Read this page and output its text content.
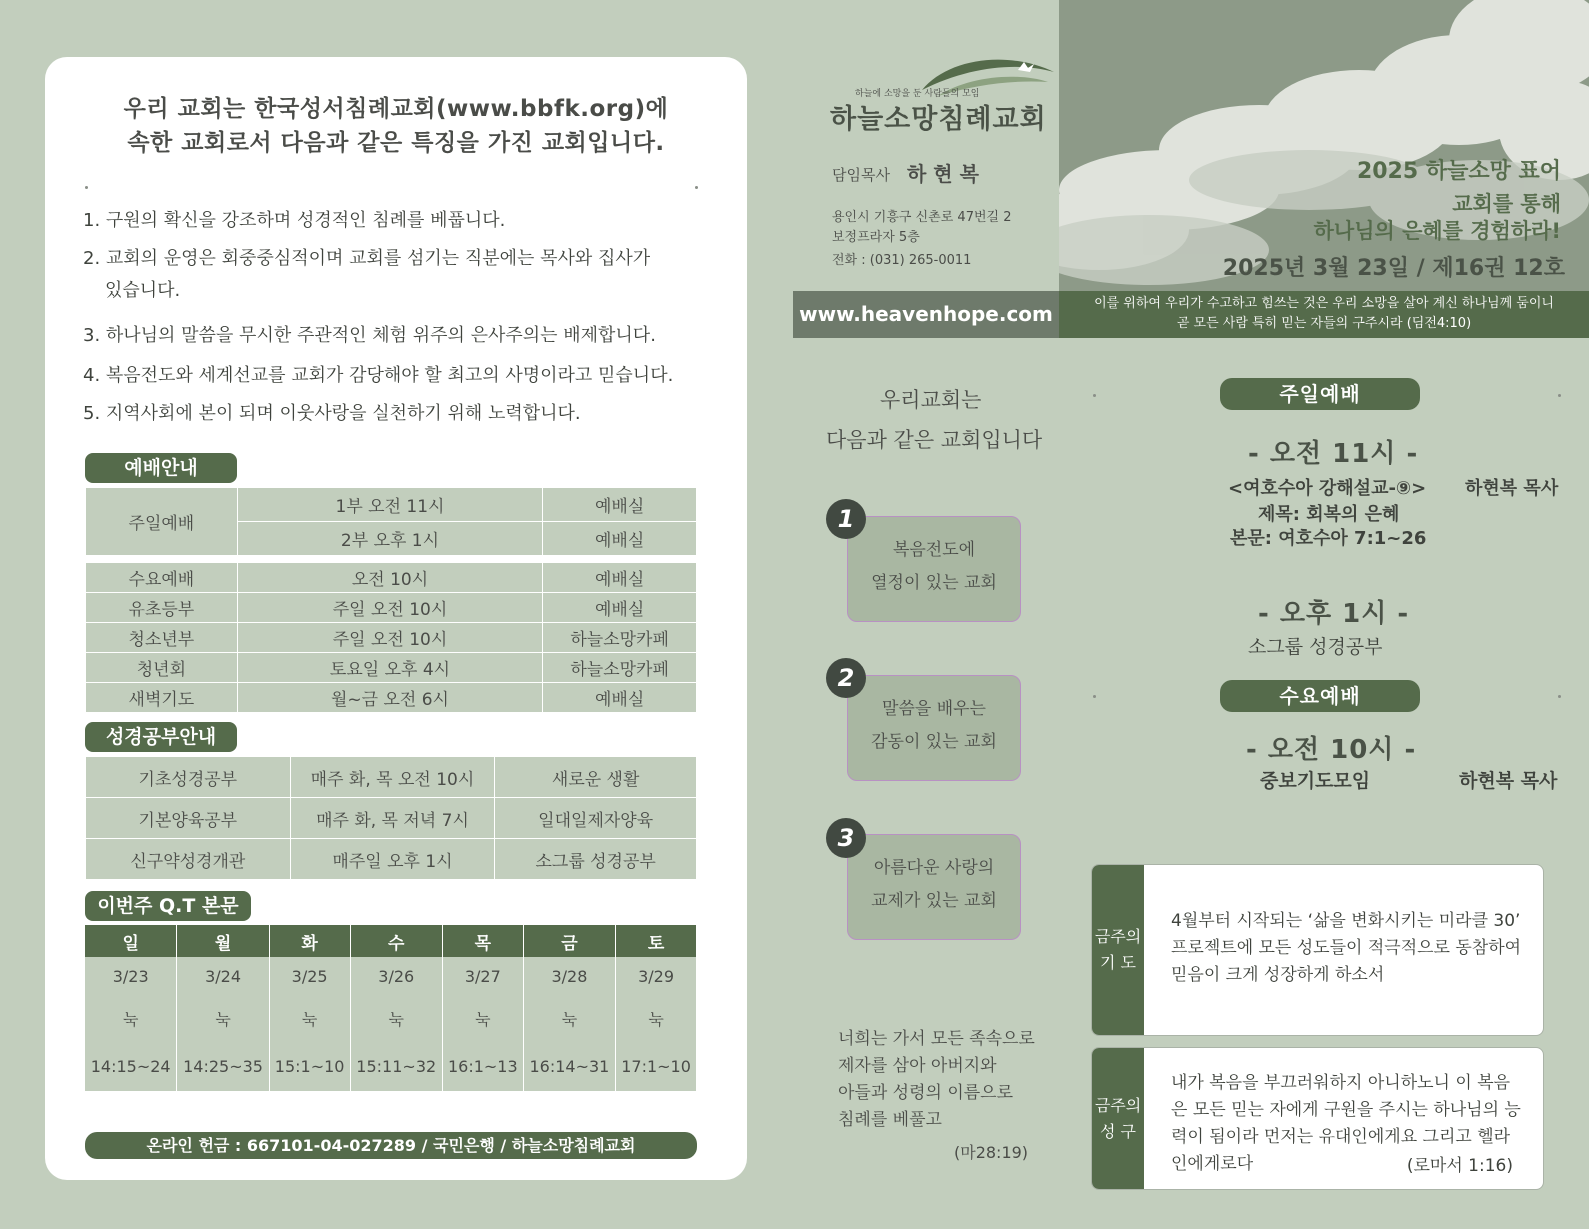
우리 교회는 한국성서침례교회(www.bbfk.org)에
속한 교회로서 다음과 같은 특징을 가진 교회입니다.
1. 구원의 확신을 강조하며 성경적인 침례를 베풉니다.
2. 교회의 운영은 회중중심적이며 교회를 섬기는 직분에는 목사와 집사가
있습니다.
3. 하나님의 말씀을 무시한 주관적인 체험 위주의 은사주의는 배제합니다.
4. 복음전도와 세계선교를 교회가 감당해야 할 최고의 사명이라고 믿습니다.
5. 지역사회에 본이 되며 이웃사랑을 실천하기 위해 노력합니다.
예배안내
주일예배	1부 오전 11시	예배실
	2부 오후 1시	예배실
수요예배	오전 10시	예배실
유초등부	주일 오전 10시	예배실
청소년부	주일 오전 10시	하늘소망카페
청년회	토요일 오후 4시	하늘소망카페
새벽기도	월~금 오전 6시	예배실
성경공부안내
기초성경공부	매주 화, 목 오전 10시	새로운 생활
기본양육공부	매주 화, 목 저녁 7시	일대일제자양육
신구약성경개관	매주일 오후 1시	소그룹 성경공부
이번주 Q.T 본문
일	월	화	수	목	금	토
3/23	3/24	3/25	3/26	3/27	3/28	3/29
눅	눅	눅	눅	눅	눅	눅
14:15~24	14:25~35	15:1~10	15:11~32	16:1~13	16:14~31	17:1~10
온라인 헌금 : 667101-04-027289 / 국민은행 / 하늘소망침례교회
하늘에 소망을 둔 사람들의 모임
하늘소망침례교회
담임목사 하 현 복
용인시 기흥구 신촌로 47번길 2
보정프라자 5층
전화 : (031) 265-0011
www.heavenhope.com
우리교회는
다음과 같은 교회입니다
복음전도에
열정이 있는 교회
1
말씀을 배우는
감동이 있는 교회
2
아름다운 사랑의
교제가 있는 교회
3
너희는 가서 모든 족속으로
제자를 삼아 아버지와
아들과 성령의 이름으로
침례를 베풀고
(마28:19)
2025 하늘소망 표어
교회를 통해
하나님의 은혜를 경험하라!
2025년 3월 23일 / 제16권 12호
이를 위하여 우리가 수고하고 힘쓰는 것은 우리 소망을 살아 계신 하나님께 둠이니
곧 모든 사람 특히 믿는 자들의 구주시라 (딤전4:10)
주일예배
- 오전 11시 -
<여호수아 강해설교-⑨> 하현복 목사
제목: 회복의 은혜
본문: 여호수아 7:1~26
- 오후 1시 -
소그룹 성경공부
수요예배
- 오전 10시 -
중보기도모임	하현복 목사
금주의
기 도
4월부터 시작되는 ‘삶을 변화시키는 미라클 30’
프로젝트에 모든 성도들이 적극적으로 동참하여
믿음이 크게 성장하게 하소서
금주의
성 구
내가 복음을 부끄러워하지 아니하노니 이 복음
은 모든 믿는 자에게 구원을 주시는 하나님의 능
력이 됨이라 먼저는 유대인에게요 그리고 헬라
인에게로다	(로마서 1:16)
